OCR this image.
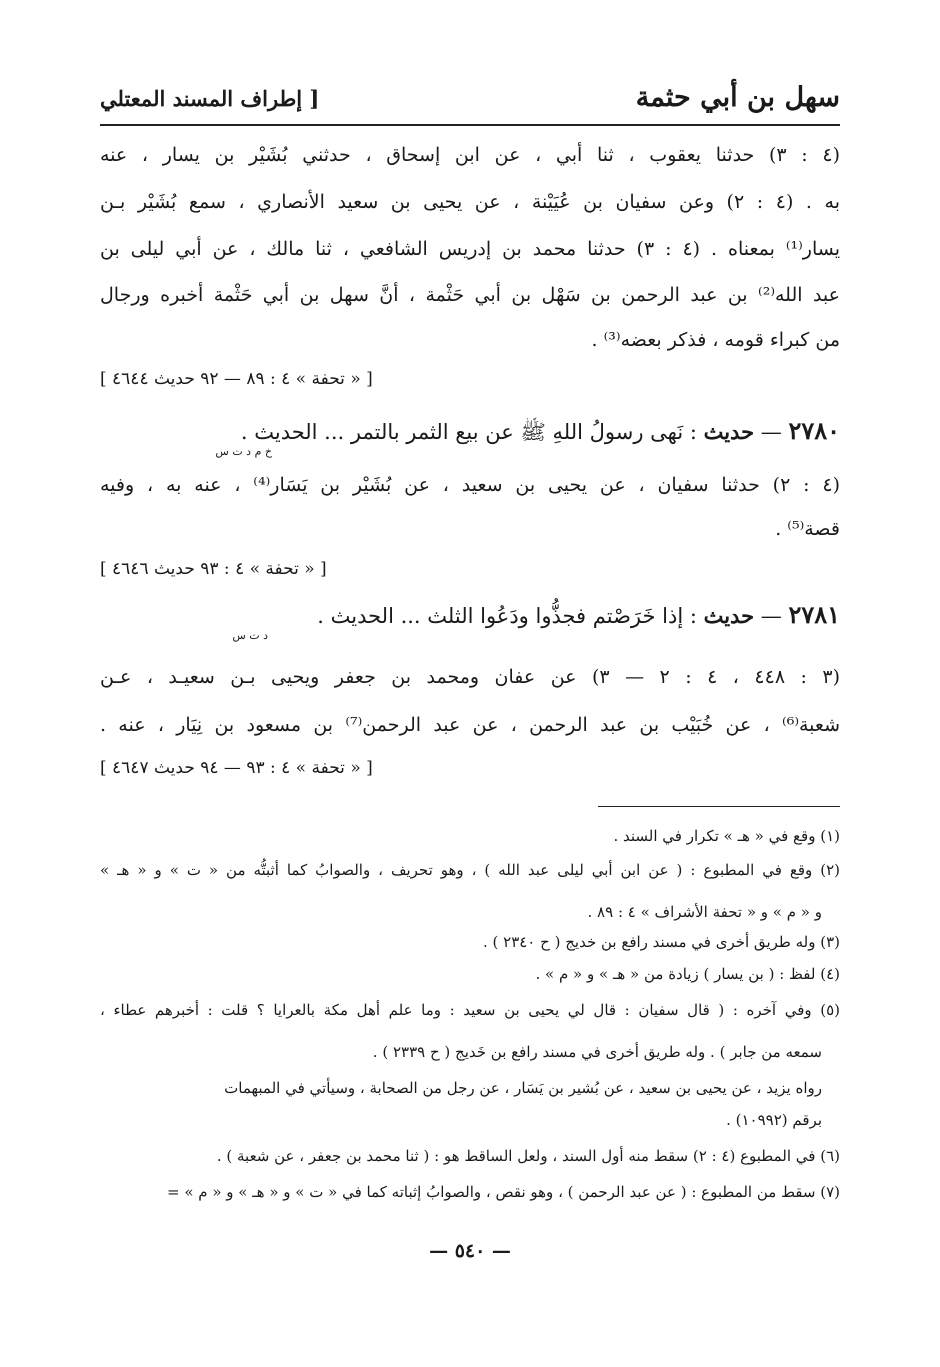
سهل بن أبي حثمة
[ إطراف المسند المعتلي
(٤ : ٣) حدثنا يعقوب ، ثنا أبي ، عن ابن إسحاق ، حدثني بُشَيْر بن يسار ، عنه
به . (٤ : ٢) وعن سفيان بن عُيَيْنة ، عن يحيى بن سعيد الأنصاري ، سمع بُشَيْر بـن
يسار⁽¹⁾ بمعناه . (٤ : ٣) حدثنا محمد بن إدريس الشافعي ، ثنا مالك ، عن أبي ليلى بن
عبد الله⁽²⁾ بن عبد الرحمن بن سَهْل بن أبي حَثْمة ، أنَّ سهل بن أبي حَثْمة أخبره ورجال
من كبراء قومه ، فذكر بعضه⁽³⁾ .
[ « تحفة » ٤ : ٨٩ — ٩٢ حديث ٤٦٤٤ ]
٢٧٨٠ — حديث : نَهى رسولُ اللهِ ﷺ عن بيع الثمر بالتمر ... الحديث .
خ م د ت س
(٤ : ٢) حدثنا سفيان ، عن يحيى بن سعيد ، عن بُشَيْر بن يَسَار⁽⁴⁾ ، عنه به ، وفيه
قصة⁽⁵⁾ .
[ « تحفة » ٤ : ٩٣ حديث ٤٦٤٦ ]
٢٧٨١ — حديث : إذا خَرَصْتم فجذُّوا ودَعُوا الثلث ... الحديث .
د ت س
(٣ : ٤٤٨ ، ٤ : ٢ — ٣) عن عفان ومحمد بن جعفر ويحيى بـن سعيـد ، عـن
شعبة⁽⁶⁾ ، عن خُبَيْب بن عبد الرحمن ، عن عبد الرحمن⁽⁷⁾ بن مسعود بن نِيَار ، عنه .
[ « تحفة » ٤ : ٩٣ — ٩٤ حديث ٤٦٤٧ ]
(١) وقع في « هـ » تكرار في السند .
(٢) وقع في المطبوع : ( عن ابن أبي ليلى عبد الله ) ، وهو تحريف ، والصوابُ كما أثبتُّه من « ت » و « هـ »
و « م » و « تحفة الأشراف » ٤ : ٨٩ .
(٣) وله طريق أخرى في مسند رافع بن خديج ( ح ٢٣٤٠ ) .
(٤) لفظ : ( بن يسار ) زيادة من « هـ » و « م » .
(٥) وفي آخره : ( قال سفيان : قال لي يحيى بن سعيد : وما علم أهل مكة بالعرايا ؟ قلت : أخبرهم عطاء ،
سمعه من جابر ) . وله طريق أخرى في مسند رافع بن خَديج ( ح ٢٣٣٩ ) .
رواه يزيد ، عن يحيى بن سعيد ، عن بُشير بن يَسَار ، عن رجل من الصحابة ، وسيأتي في المبهمات
برقم (١٠٩٩٢) .
(٦) في المطبوع (٤ : ٢) سقط منه أول السند ، ولعل الساقط هو : ( ثنا محمد بن جعفر ، عن شعبة ) .
(٧) سقط من المطبوع : ( عن عبد الرحمن ) ، وهو نقص ، والصوابُ إثباته كما في « ت » و « هـ » و « م » =
— ٥٤٠ —
